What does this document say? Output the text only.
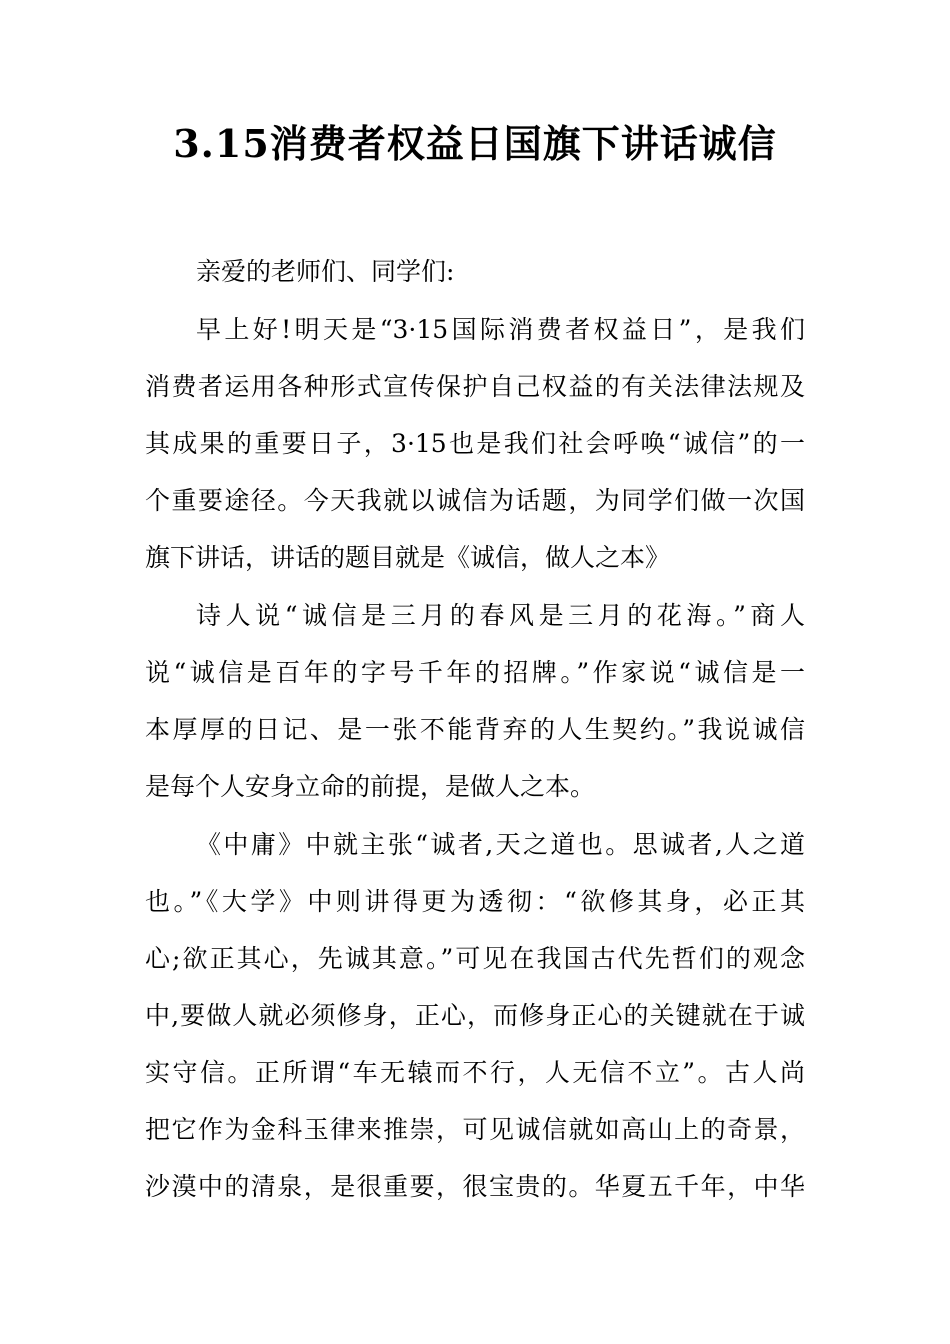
3.15消费者权益日国旗下讲话诚信
亲爱的老师们、同学们:
早上好!明天是“3·15国际消费者权益日”，是我们
消费者运用各种形式宣传保护自己权益的有关法律法规及
其成果的重要日子，3·15也是我们社会呼唤“诚信”的一
个重要途径。今天我就以诚信为话题，为同学们做一次国
旗下讲话，讲话的题目就是《诚信，做人之本》
诗人说“诚信是三月的春风是三月的花海。”商人
说“诚信是百年的字号千年的招牌。”作家说“诚信是一
本厚厚的日记、是一张不能背弃的人生契约。”我说诚信
是每个人安身立命的前提，是做人之本。
《中庸》中就主张“诚者,天之道也。思诚者,人之道
也。”《大学》中则讲得更为透彻：“欲修其身，必正其
心;欲正其心，先诚其意。”可见在我国古代先哲们的观念
中,要做人就必须修身，正心，而修身正心的关键就在于诚
实守信。正所谓“车无辕而不行，人无信不立”。古人尚
把它作为金科玉律来推崇，可见诚信就如高山上的奇景，
沙漠中的清泉，是很重要，很宝贵的。华夏五千年，中华
